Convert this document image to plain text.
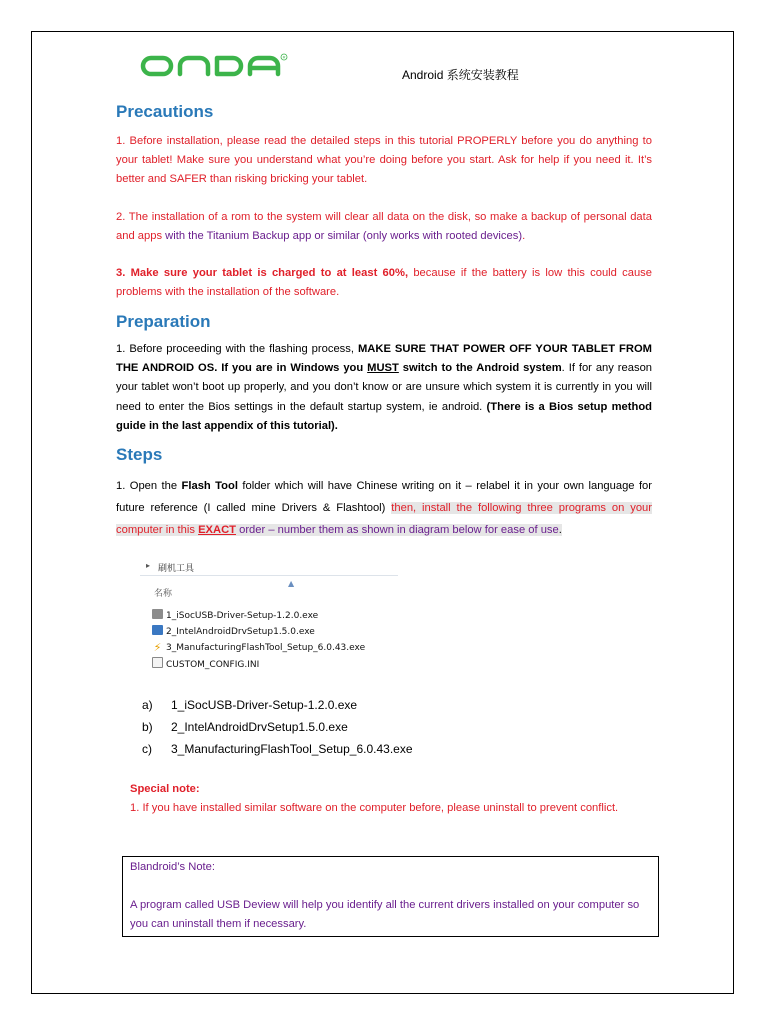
R
Android 系统安装教程
Precautions
1. Before installation, please read the detailed steps in this tutorial PROPERLY before you do anything to your tablet! Make sure you understand what you’re doing before you start. Ask for help if you need it. It’s better and SAFER than risking bricking your tablet.
2. The installation of a rom to the system will clear all data on the disk, so make a backup of personal data and apps with the Titanium Backup app or similar (only works with rooted devices).
3. Make sure your tablet is charged to at least 60%, because if the battery is low this could cause problems with the installation of the software.
Preparation
1. Before proceeding with the flashing process, MAKE SURE THAT POWER OFF YOUR TABLET FROM THE ANDROID OS. If you are in Windows you MUST switch to the Android system. If for any reason your tablet won’t boot up properly, and you don’t know or are unsure which system it is currently in you will need to enter the Bios settings in the default startup system, ie android. (There is a Bios setup method guide in the last appendix of this tutorial).
Steps
1. Open the Flash Tool folder which will have Chinese writing on it – relabel it in your own language for future reference (I called mine Drivers & Flashtool) then, install the following three programs on your computer in this EXACT order – number them as shown in diagram below for ease of use.
▸ 刷机工具
▲
名称
1_iSocUSB-Driver-Setup-1.2.0.exe
2_IntelAndroidDrvSetup1.5.0.exe
⚡ 3_ManufacturingFlashTool_Setup_6.0.43.exe
CUSTOM_CONFIG.INI
a) 1_iSocUSB-Driver-Setup-1.2.0.exe
b) 2_IntelAndroidDrvSetup1.5.0.exe
c) 3_ManufacturingFlashTool_Setup_6.0.43.exe
Special note:
1. If you have installed similar software on the computer before, please uninstall to prevent conflict.
Blandroid’s Note:
A program called USB Deview will help you identify all the current drivers installed on your computer so you can uninstall them if necessary.
